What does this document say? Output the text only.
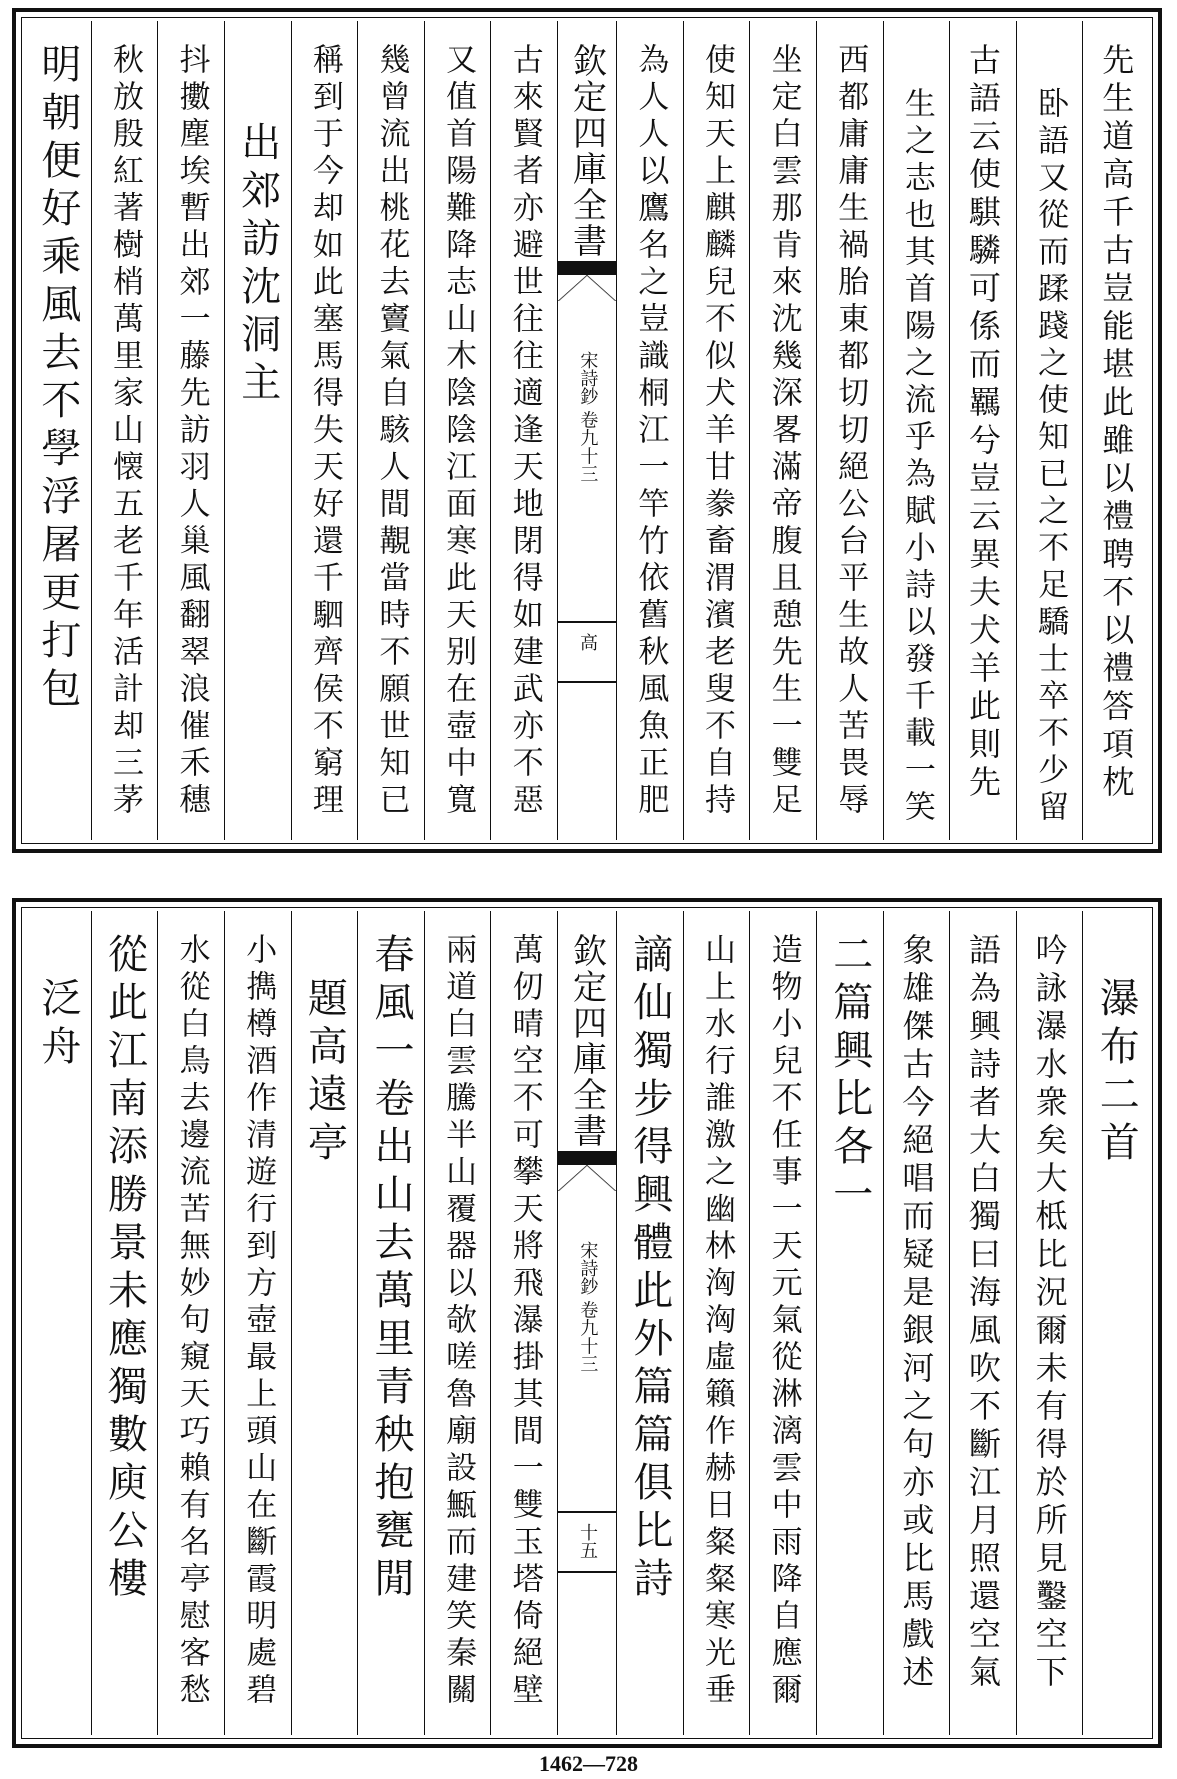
先生道高千古豈能堪此雖以禮聘不以禮答項枕
卧語又從而蹂踐之使知已之不足驕士卒不少留
古語云使騏驎可係而羈兮豈云異夫犬羊此則先
生之志也其首陽之流乎為賦小詩以發千載一笑
西都庸庸生禍胎東都切切絕公台平生故人苦畏辱
坐定白雲那肯來沈幾深畧滿帝腹且憩先生一雙足
使知天上麒麟兒不似犬羊甘豢畜渭濱老叟不自持
為人人以鷹名之豈識桐江一竿竹依舊秋風魚正肥
欽定四庫全書
宋詩鈔 卷九十三
高
古來賢者亦避世往往適逢天地閉得如建武亦不惡
又值首陽難降志山木陰陰江面寒此天别在壺中寬
幾曾流出桃花去竇氣自駭人間覯當時不願世知已
稱到于今却如此塞馬得失天好還千駟齊侯不窮理
出郊訪沈洞主
抖擻塵埃暫出郊一藤先訪羽人巢風翻翠浪催禾穗
秋放殷紅著樹梢萬里家山懐五老千年活計却三茅
明朝便好乘風去不學浮屠更打包
瀑布二首
吟詠瀑水衆矣大柢比況爾未有得於所見鑿空下
語為興詩者大白獨曰海風吹不斷江月照還空氣
象雄傑古今絕唱而疑是銀河之句亦或比馬戲述
二篇興比各一
造物小兒不任事一天元氣從淋漓雲中雨降自應爾
山上水行誰激之幽林洶洶虛籟作赫日粲粲寒光垂
謫仙獨步得興體此外篇篇俱比詩
欽定四庫全書
宋詩鈔 卷九十三
十五
萬仞晴空不可攀天將飛瀑掛其間一雙玉塔倚絕壁
兩道白雲騰半山覆器以欹嗟魯廟設甒而建笑秦關
春風一卷出山去萬里青秧抱甕閒
題高遠亭
小擕樽酒作清遊行到方壺最上頭山在斷霞明處碧
水從白鳥去邊流苦無妙句窺天巧賴有名亭慰客愁
從此江南添勝景未應獨數庾公樓
泛舟
1462—728
